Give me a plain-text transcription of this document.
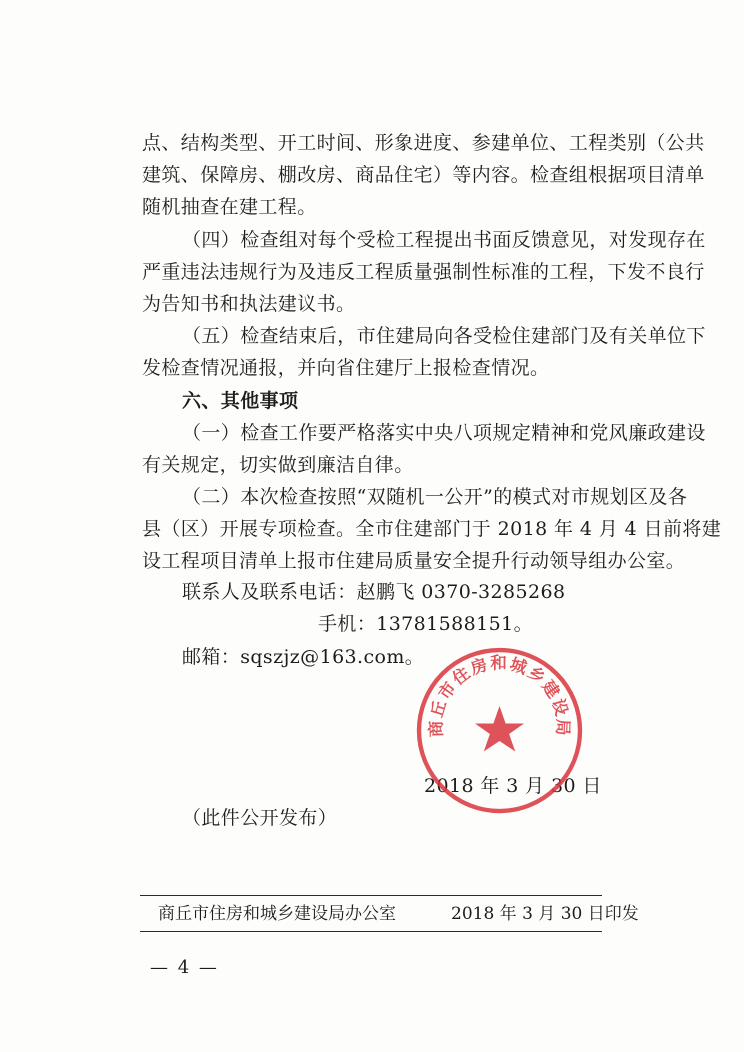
点、结构类型、开工时间、形象进度、参建单位、工程类别（公共
建筑、保障房、棚改房、商品住宅）等内容。检查组根据项目清单
随机抽查在建工程。
（四）检查组对每个受检工程提出书面反馈意见，对发现存在
严重违法违规行为及违反工程质量强制性标准的工程，下发不良行
为告知书和执法建议书。
（五）检查结束后，市住建局向各受检住建部门及有关单位下
发检查情况通报，并向省住建厅上报检查情况。
六、其他事项
（一）检查工作要严格落实中央八项规定精神和党风廉政建设
有关规定，切实做到廉洁自律。
（二）本次检查按照“双随机一公开”的模式对市规划区及各
县（区）开展专项检查。全市住建部门于 2018 年 4 月 4 日前将建
设工程项目清单上报市住建局质量安全提升行动领导组办公室。
联系人及联系电话：赵鹏飞 0370-3285268
手机：13781588151。
邮箱：sqszjz@163.com。
2018 年 3 月 30 日
（此件公开发布）
商丘市住房和城乡建设局
商丘市住房和城乡建设局办公室	2018 年 3 月 30 日印发
— 4 —
